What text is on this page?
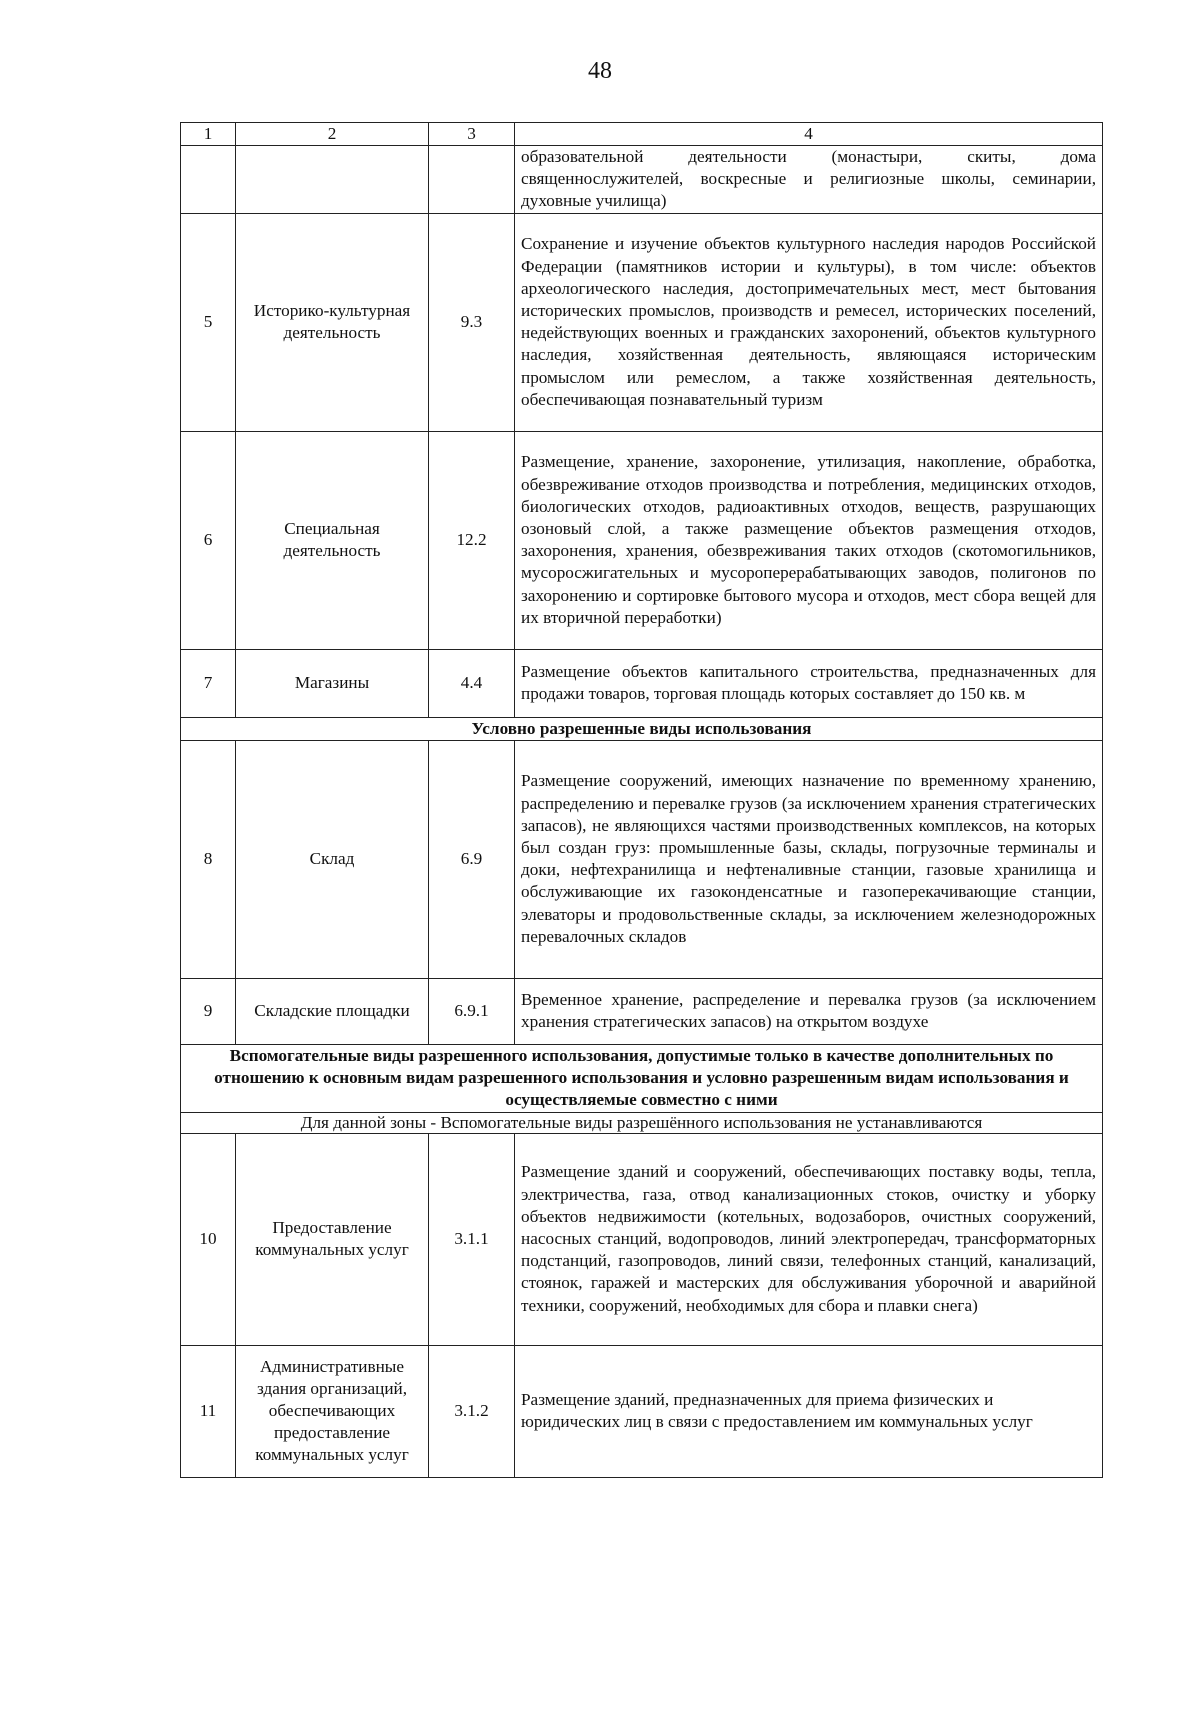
48
1	2	3	4
			образовательной деятельности (монастыри, скиты, дома священнослужителей, воскресные и религиозные школы, семинарии, духовные училища)
5	Историко-культурная деятельность	9.3	Сохранение и изучение объектов культурного наследия народов Российской Федерации (памятников истории и культуры), в том числе: объектов археологического наследия, достопримечательных мест, мест бытования исторических промыслов, производств и ремесел, исторических поселений, недействующих военных и гражданских захоронений, объектов культурного наследия, хозяйственная деятельность, являющаяся историческим промыслом или ремеслом, а также хозяйственная деятельность, обеспечивающая познавательный туризм
6	Специальная деятельность	12.2	Размещение, хранение, захоронение, утилизация, накопление, обработка, обезвреживание отходов производства и потребления, медицинских отходов, биологических отходов, радиоактивных отходов, веществ, разрушающих озоновый слой, а также размещение объектов размещения отходов, захоронения, хранения, обезвреживания таких отходов (скотомогильников, мусоросжигательных и мусороперерабатывающих заводов, полигонов по захоронению и сортировке бытового мусора и отходов, мест сбора вещей для их вторичной переработки)
7	Магазины	4.4	Размещение объектов капитального строительства, предназначенных для продажи товаров, торговая площадь которых составляет до 150 кв. м
Условно разрешенные виды использования			
8	Склад	6.9	Размещение сооружений, имеющих назначение по временному хранению, распределению и перевалке грузов (за исключением хранения стратегических запасов), не являющихся частями производственных комплексов, на которых был создан груз: промышленные базы, склады, погрузочные терминалы и доки, нефтехранилища и нефтеналивные станции, газовые хранилища и обслуживающие их газоконденсатные и газоперекачивающие станции, элеваторы и продовольственные склады, за исключением железнодорожных перевалочных складов
9	Складские площадки	6.9.1	Временное хранение, распределение и перевалка грузов (за исключением хранения стратегических запасов) на открытом воздухе
Вспомогательные виды разрешенного использования, допустимые только в качестве дополнительных по отношению к основным видам разрешенного использования и условно разрешенным видам использования и осуществляемые совместно с ними			
Для данной зоны - Вспомогательные виды разрешённого использования не устанавливаются			
10	Предоставление коммунальных услуг	3.1.1	Размещение зданий и сооружений, обеспечивающих поставку воды, тепла, электричества, газа, отвод канализационных стоков, очистку и уборку объектов недвижимости (котельных, водозаборов, очистных сооружений, насосных станций, водопроводов, линий электропередач, трансформаторных подстанций, газопроводов, линий связи, телефонных станций, канализаций, стоянок, гаражей и мастерских для обслуживания уборочной и аварийной техники, сооружений, необходимых для сбора и плавки снега)
11	Административные здания организаций, обеспечивающих предоставление коммунальных услуг	3.1.2	Размещение зданий, предназначенных для приема физических и юридических лиц в связи с предоставлением им коммунальных услуг
